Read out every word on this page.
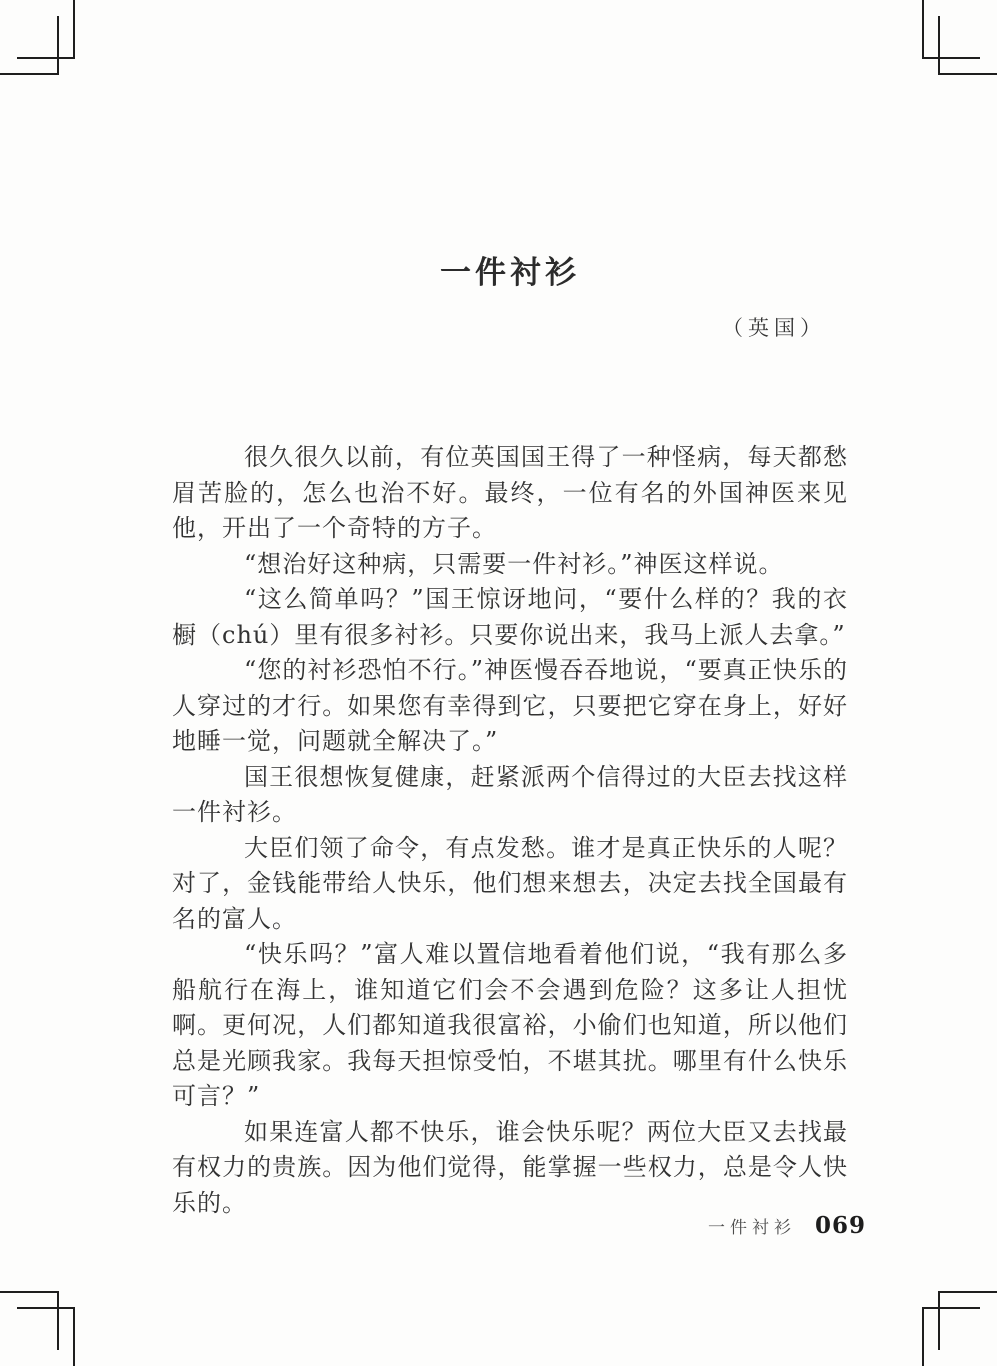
一件衬衫
（英国）

很久很久以前，有位英国国王得了一种怪病，每天都愁眉苦脸的，怎么也治不好。最终，一位有名的外国神医来见他，开出了一个奇特的方子。

“想治好这种病，只需要一件衬衫。”神医这样说。

“这么简单吗？”国王惊讶地问，“要什么样的？我的衣橱（chú）里有很多衬衫。只要你说出来，我马上派人去拿。”

“您的衬衫恐怕不行。”神医慢吞吞地说，“要真正快乐的人穿过的才行。如果您有幸得到它，只要把它穿在身上，好好地睡一觉，问题就全解决了。”

国王很想恢复健康，赶紧派两个信得过的大臣去找这样一件衬衫。

大臣们领了命令，有点发愁。谁才是真正快乐的人呢？对了，金钱能带给人快乐，他们想来想去，决定去找全国最有名的富人。

“快乐吗？”富人难以置信地看着他们说，“我有那么多船航行在海上，谁知道它们会不会遇到危险？这多让人担忧啊。更何况，人们都知道我很富裕，小偷们也知道，所以他们总是光顾我家。我每天担惊受怕，不堪其扰。哪里有什么快乐可言？”

如果连富人都不快乐，谁会快乐呢？两位大臣又去找最有权力的贵族。因为他们觉得，能掌握一些权力，总是令人快乐的。

一件衬衫 069
